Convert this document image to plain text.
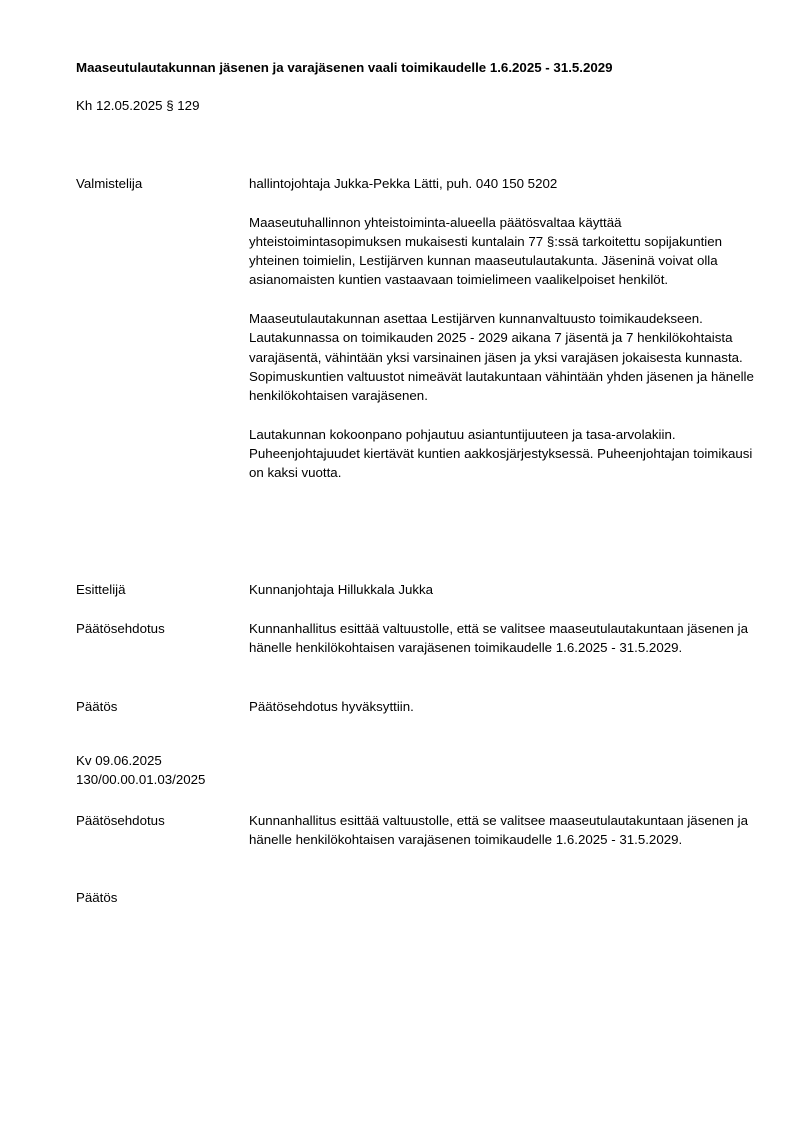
Maaseutulautakunnan jäsenen ja varajäsenen vaali toimikaudelle 1.6.2025 - 31.5.2029
Kh 12.05.2025 § 129
Valmistelija	hallintojohtaja Jukka-Pekka Lätti, puh. 040 150 5202
Maaseutuhallinnon yhteistoiminta-alueella päätösvaltaa käyttää yhteistoimintasopimuksen mukaisesti kuntalain 77 §:ssä tarkoitettu sopijakuntien yhteinen toimielin, Lestijärven kunnan maaseutulautakunta. Jäseninä voivat olla asianomaisten kuntien vastaavaan toimielimeen vaalikelpoiset henkilöt.
Maaseutulautakunnan asettaa Lestijärven kunnanvaltuusto toimikaudekseen. Lautakunnassa on toimikauden 2025 - 2029 aikana 7 jäsentä ja 7 henkilökohtaista varajäsentä, vähintään yksi varsinainen jäsen ja yksi varajäsen jokaisesta kunnasta. Sopimuskuntien valtuustot nimeävät lautakuntaan vähintään yhden jäsenen ja hänelle henkilökohtaisen varajäsenen.
Lautakunnan kokoonpano pohjautuu asiantuntijuuteen ja tasa-arvolakiin. Puheenjohtajuudet kiertävät kuntien aakkosjärjestyksessä. Puheenjohtajan toimikausi on kaksi vuotta.
Esittelijä	Kunnanjohtaja Hillukkala Jukka
Päätösehdotus	Kunnanhallitus esittää valtuustolle, että se valitsee maaseutulautakuntaan jäsenen ja hänelle henkilökohtaisen varajäsenen toimikaudelle 1.6.2025 - 31.5.2029.
Päätös	Päätösehdotus hyväksyttiin.
Kv 09.06.2025
130/00.00.01.03/2025
Päätösehdotus	Kunnanhallitus esittää valtuustolle, että se valitsee maaseutulautakuntaan jäsenen ja hänelle henkilökohtaisen varajäsenen toimikaudelle 1.6.2025 - 31.5.2029.
Päätös
